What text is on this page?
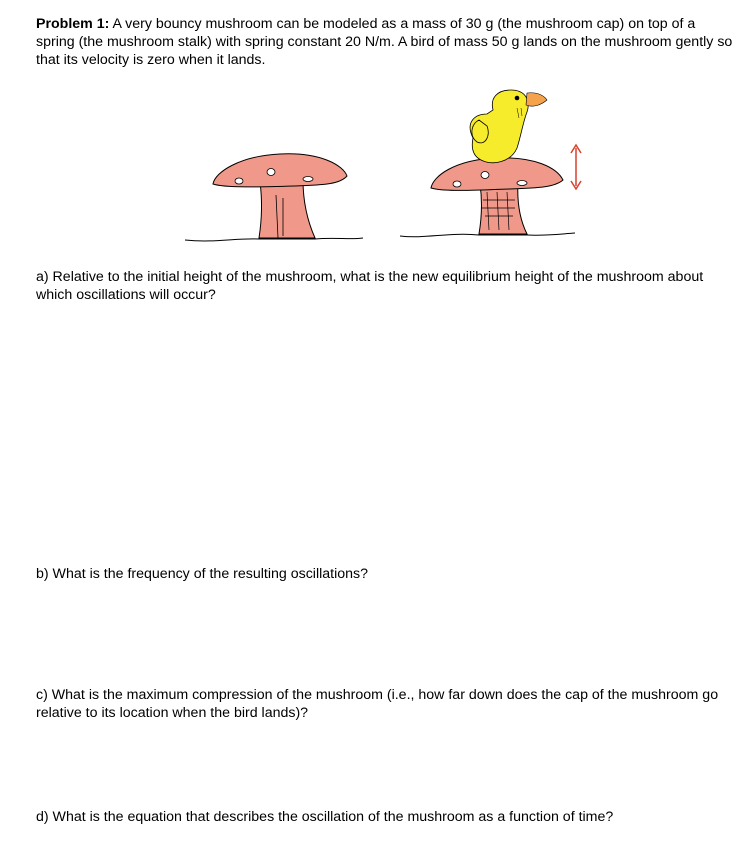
Problem 1: A very bouncy mushroom can be modeled as a mass of 30 g (the mushroom cap) on top of a spring (the mushroom stalk) with spring constant 20 N/m. A bird of mass 50 g lands on the mushroom gently so that its velocity is zero when it lands.

a) Relative to the initial height of the mushroom, what is the new equilibrium height of the mushroom about which oscillations will occur?

b) What is the frequency of the resulting oscillations?

c) What is the maximum compression of the mushroom (i.e., how far down does the cap of the mushroom go relative to its location when the bird lands)?

d) What is the equation that describes the oscillation of the mushroom as a function of time?
